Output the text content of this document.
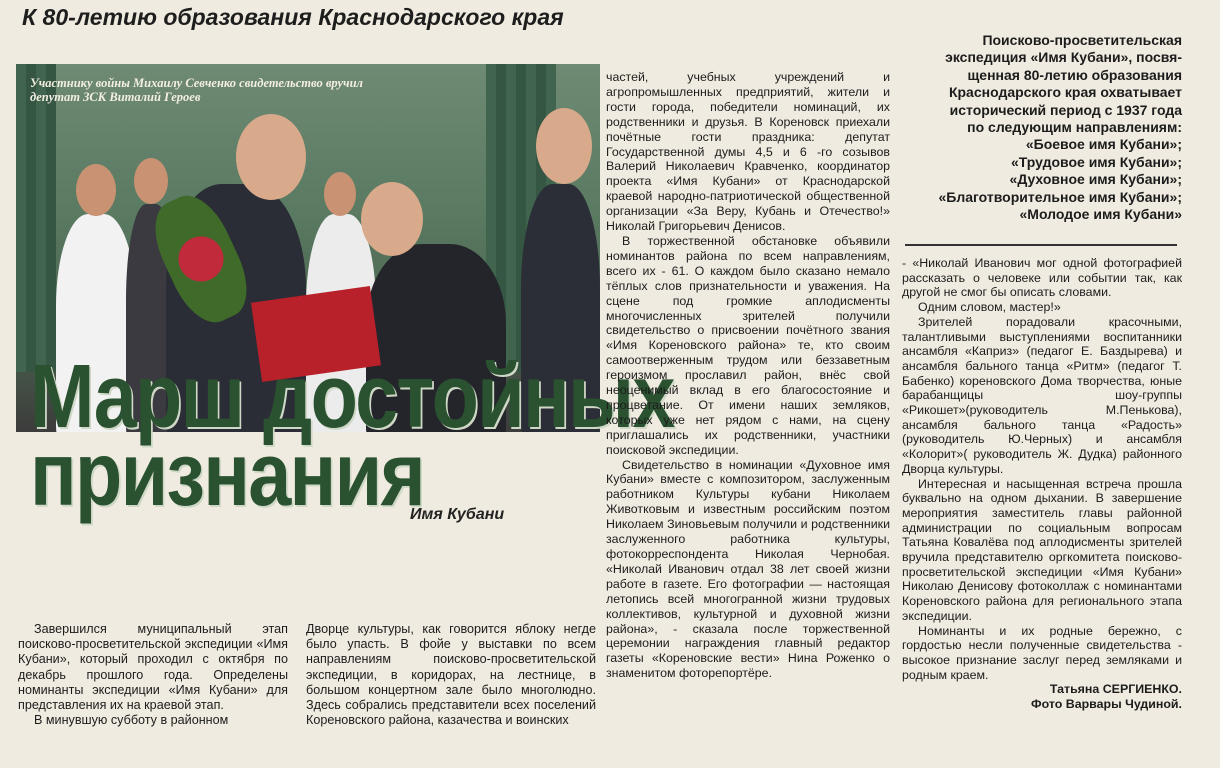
К 80-летию образования Краснодарского края

Участнику войны Михаилу Севченко свидетельство вручил
депутат ЗСК Виталий Героев
Марш достойных
признания
Имя Кубани
Поисково-просветительская
экспедиция «Имя Кубани», посвя-
щенная 80-летию образования
Краснодарского края охватывает
исторический период с 1937 года
по следующим направлениям:
«Боевое имя Кубани»;
«Трудовое имя Кубани»;
«Духовное имя Кубани»;
«Благотворительное имя Кубани»;
«Молодое имя Кубани»

Завершился муниципальный этап поисково-просветительской экспедиции «Имя Кубани», который проходил с октября по декабрь прошлого года. Определены номинанты экспедиции «Имя Кубани» для представления их на краевой этап.

В минувшую субботу в районном

Дворце культуры, как говорится яблоку негде было упасть. В фойе у выставки по всем направлениям поисково-просветительской экспедиции, в коридорах, на лестнице, в большом концертном зале было многолюдно. Здесь собрались представители всех поселений Кореновского района, казачества и воинских

частей, учебных учреждений и агропромышленных предприятий, жители и гости города, победители номинаций, их родственники и друзья. В Кореновск приехали почётные гости праздника: депутат Государственной думы 4,5 и 6 -го созывов Валерий Николаевич Кравченко, координатор проекта «Имя Кубани» от Краснодарской краевой народно-патриотической общественной организации «За Веру, Кубань и Отечество!» Николай Григорьевич Денисов.

В торжественной обстановке объявили номинантов района по всем направлениям, всего их - 61. О каждом было сказано немало тёплых слов признательности и уважения. На сцене под громкие аплодисменты многочисленных зрителей получили свидетельство о присвоении почётного звания «Имя Кореновского района» те, кто своим самоотверженным трудом или беззаветным героизмом прославил район, внёс свой неоценимый вклад в его благосостояние и процветание. От имени наших земляков, которых уже нет рядом с нами, на сцену приглашались их родственники, участники поисковой экспедиции.

Свидетельство в номинации «Духовное имя Кубани» вместе с композитором, заслуженным работником Культуры кубани Николаем Животковым и известным российским поэтом Николаем Зиновьевым получили и родственники заслуженного работника культуры, фотокорреспондента Николая Чернобая. «Николай Иванович отдал 38 лет своей жизни работе в газете. Его фотографии — настоящая летопись всей многогранной жизни трудовых коллективов, культурной и духовной жизни района», - сказала после торжественной церемонии награждения главный редактор газеты «Кореновские вести» Нина Роженко о знаменитом фоторепортёре.

- «Николай Иванович мог одной фотографией рассказать о человеке или событии так, как другой не смог бы описать словами.

Одним словом, мастер!»

Зрителей порадовали красочными, талантливыми выступлениями воспитанники ансамбля «Каприз» (педагог Е. Баздырева) и ансамбля бального танца «Ритм» (педагог Т. Бабенко) кореновского Дома творчества, юные барабанщицы шоу-группы «Рикошет»(руководитель М.Пенькова), ансамбля бального танца «Радость» (руководитель Ю.Черных) и ансамбля «Колорит»( руководитель Ж. Дудка) районного Дворца культуры.

Интересная и насыщенная встреча прошла буквально на одном дыхании. В завершение мероприятия заместитель главы районной администрации по социальным вопросам Татьяна Ковалёва под аплодисменты зрителей вручила представителю оргкомитета поисково-просветительской экспедиции «Имя Кубани» Николаю Денисову фотоколлаж с номинантами Кореновского района для регионального этапа экспедиции.

Номинанты и их родные бережно, с гордостью несли полученные свидетельства - высокое признание заслуг перед земляками и родным краем.

Татьяна СЕРГИЕНКО.

Фото Варвары Чудиной.
